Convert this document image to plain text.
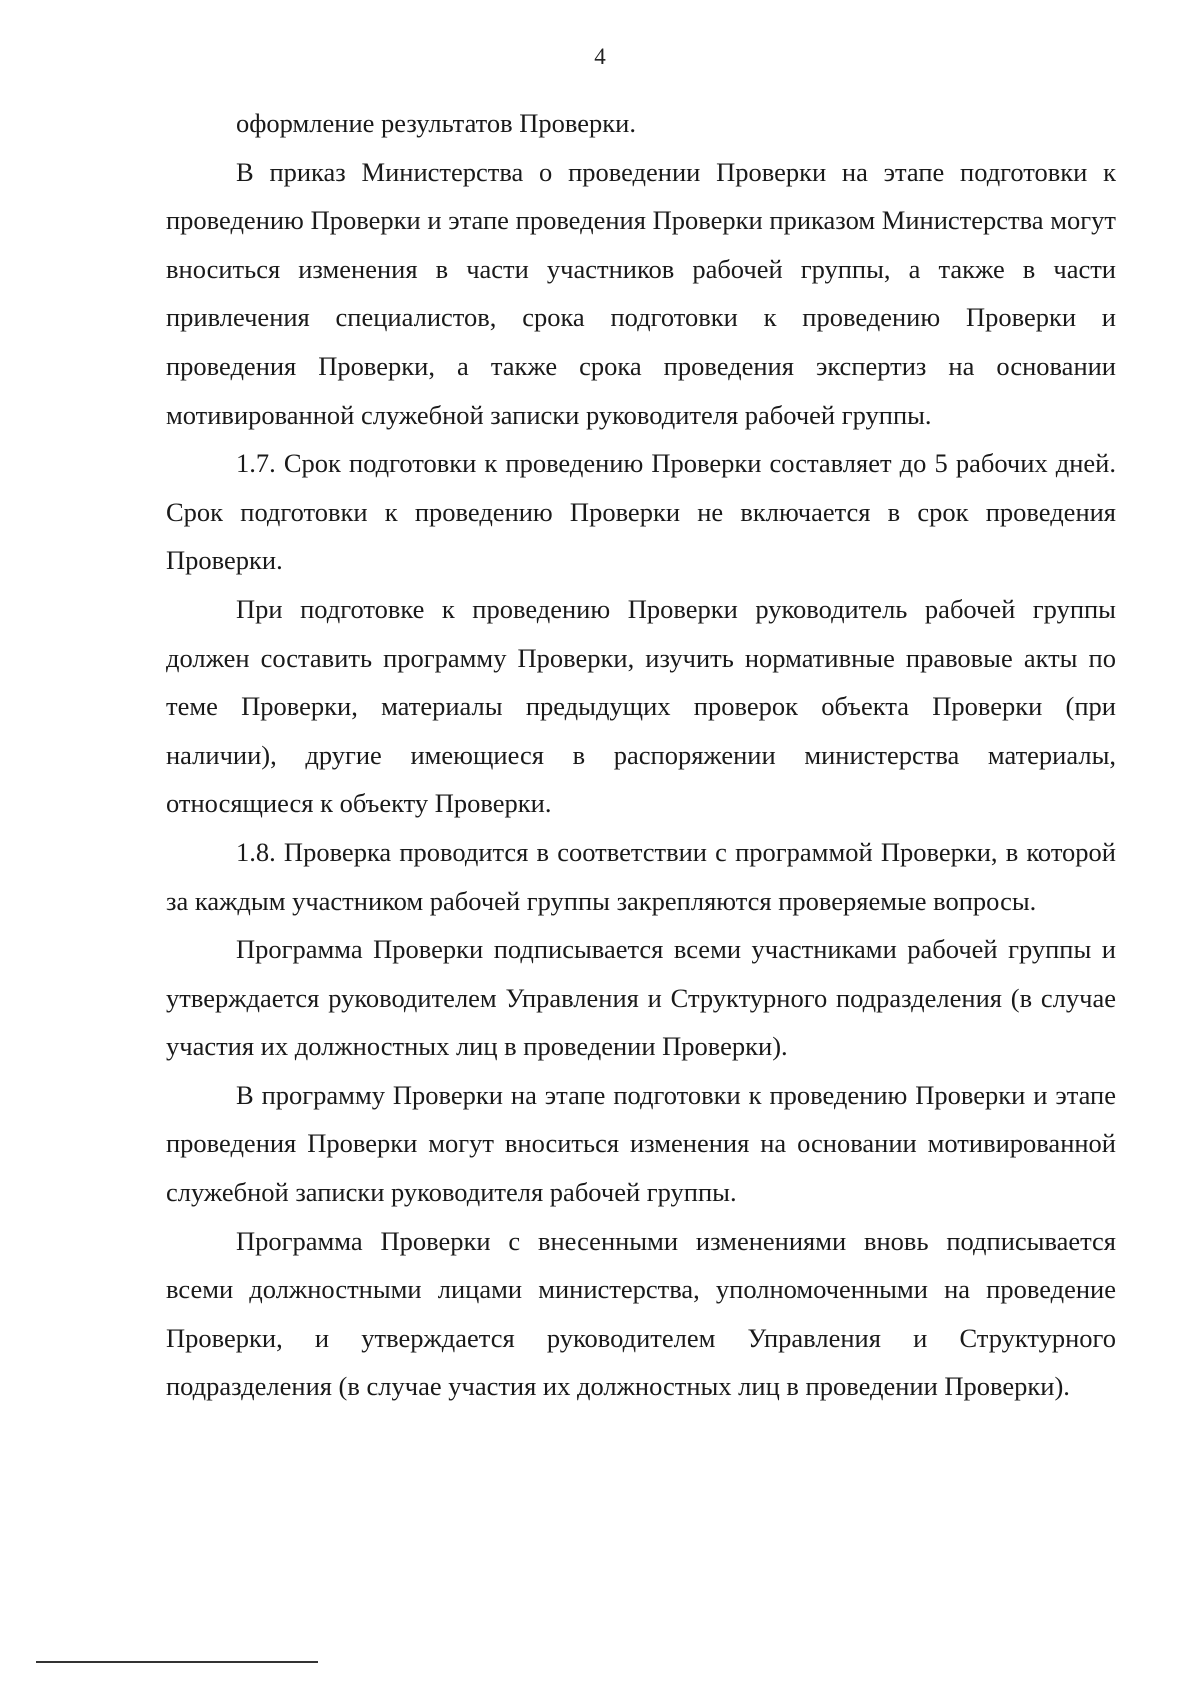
4

оформление результатов Проверки.

В приказ Министерства о проведении Проверки на этапе подготовки к проведению Проверки и этапе проведения Проверки приказом Министерства могут вноситься изменения в части участников рабочей группы, а также в части привлечения специалистов, срока подготовки к проведению Проверки и проведения Проверки, а также срока проведения экспертиз на основании мотивированной служебной записки руководителя рабочей группы.

1.7. Срок подготовки к проведению Проверки составляет до 5 рабочих дней. Срок подготовки к проведению Проверки не включается в срок проведения Проверки.

При подготовке к проведению Проверки руководитель рабочей группы должен составить программу Проверки, изучить нормативные правовые акты по теме Проверки, материалы предыдущих проверок объекта Проверки (при наличии), другие имеющиеся в распоряжении министерства материалы, относящиеся к объекту Проверки.

1.8. Проверка проводится в соответствии с программой Проверки, в которой за каждым участником рабочей группы закрепляются проверяемые вопросы.

Программа Проверки подписывается всеми участниками рабочей группы и утверждается руководителем Управления и Структурного подразделения (в случае участия их должностных лиц в проведении Проверки).

В программу Проверки на этапе подготовки к проведению Проверки и этапе проведения Проверки могут вноситься изменения на основании мотивированной служебной записки руководителя рабочей группы.

Программа Проверки с внесенными изменениями вновь подписывается всеми должностными лицами министерства, уполномоченными на проведение Проверки, и утверждается руководителем Управления и Структурного подразделения (в случае участия их должностных лиц в проведении Проверки).
